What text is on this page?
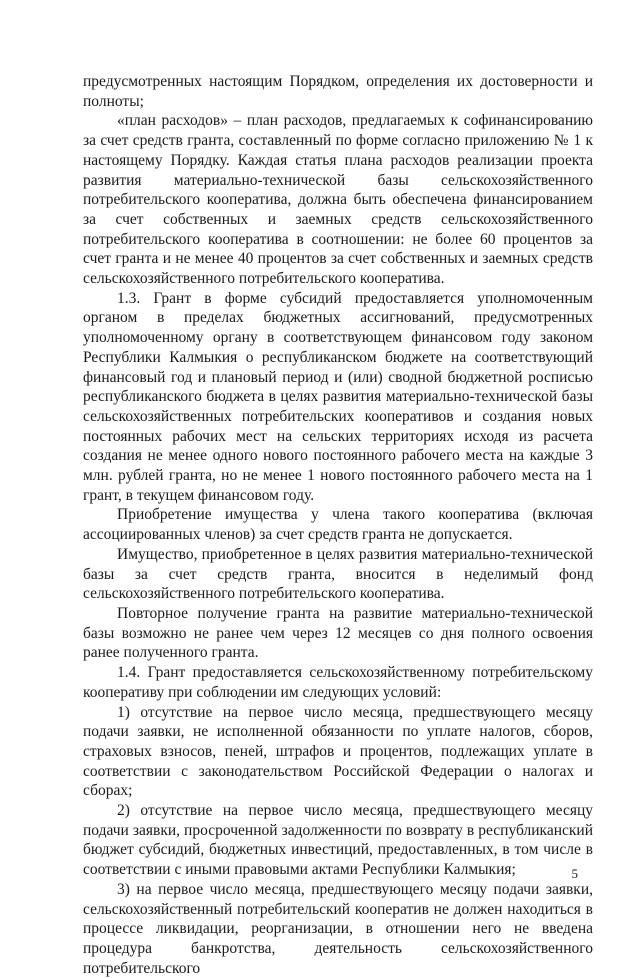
предусмотренных настоящим Порядком, определения их достоверности и полноты;

«план расходов» – план расходов, предлагаемых к софинансированию за счет средств гранта, составленный по форме согласно приложению № 1 к настоящему Порядку. Каждая статья плана расходов реализации проекта развития материально-технической базы сельскохозяйственного потребительского кооператива, должна быть обеспечена финансированием за счет собственных и заемных средств сельскохозяйственного потребительского кооператива в соотношении: не более 60 процентов за счет гранта и не менее 40 процентов за счет собственных и заемных средств сельскохозяйственного потребительского кооператива.

1.3. Грант в форме субсидий предоставляется уполномоченным органом в пределах бюджетных ассигнований, предусмотренных уполномоченному органу в соответствующем финансовом году законом Республики Калмыкия о республиканском бюджете на соответствующий финансовый год и плановый период и (или) сводной бюджетной росписью республиканского бюджета в целях развития материально-технической базы сельскохозяйственных потребительских кооперативов и создания новых постоянных рабочих мест на сельских территориях исходя из расчета создания не менее одного нового постоянного рабочего места на каждые 3 млн. рублей гранта, но не менее 1 нового постоянного рабочего места на 1 грант, в текущем финансовом году.

Приобретение имущества у члена такого кооператива (включая ассоциированных членов) за счет средств гранта не допускается.

Имущество, приобретенное в целях развития материально-технической базы за счет средств гранта, вносится в неделимый фонд сельскохозяйственного потребительского кооператива.

Повторное получение гранта на развитие материально-технической базы возможно не ранее чем через 12 месяцев со дня полного освоения ранее полученного гранта.

1.4. Грант предоставляется сельскохозяйственному потребительскому кооперативу при соблюдении им следующих условий:

1) отсутствие на первое число месяца, предшествующего месяцу подачи заявки, не исполненной обязанности по уплате налогов, сборов, страховых взносов, пеней, штрафов и процентов, подлежащих уплате в соответствии с законодательством Российской Федерации о налогах и сборах;

2) отсутствие на первое число месяца, предшествующего месяцу подачи заявки, просроченной задолженности по возврату в республиканский бюджет субсидий, бюджетных инвестиций, предоставленных, в том числе в соответствии с иными правовыми актами Республики Калмыкия;

3) на первое число месяца, предшествующего месяцу подачи заявки, сельскохозяйственный потребительский кооператив не должен находиться в процессе ликвидации, реорганизации, в отношении него не введена процедура банкротства, деятельность сельскохозяйственного потребительского

5
